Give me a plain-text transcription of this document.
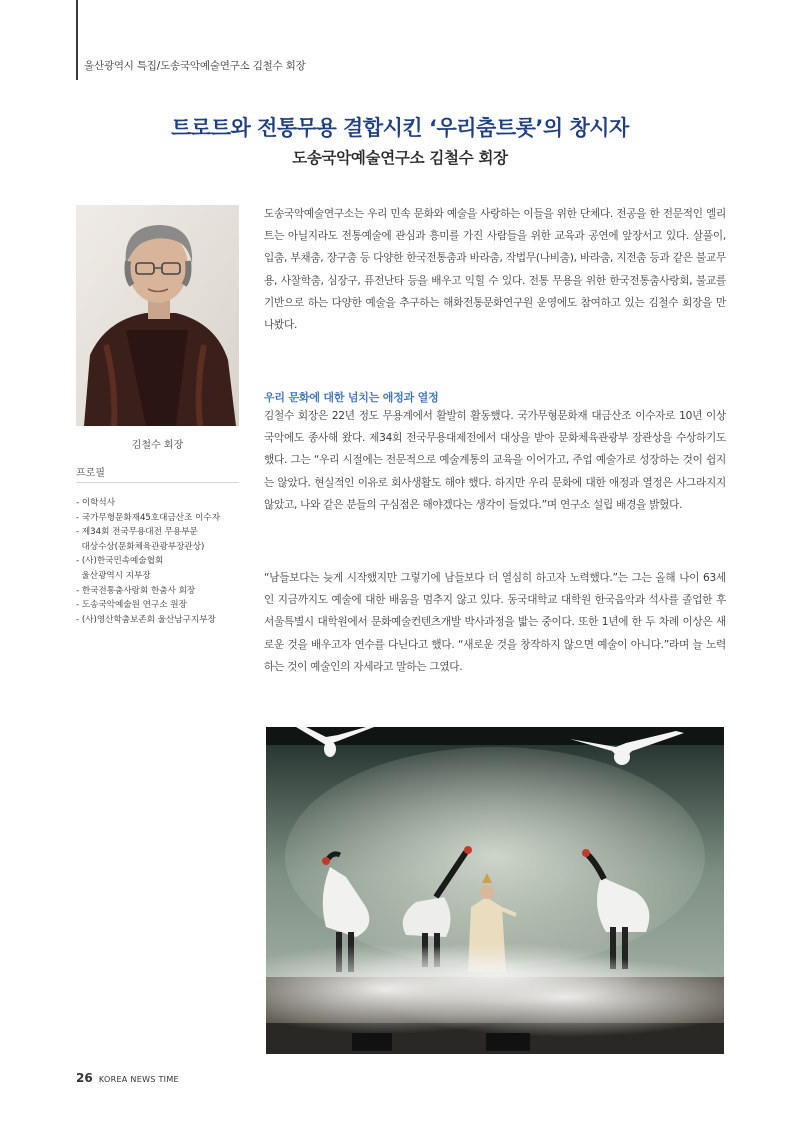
울산광역시 특집/도송국악예술연구소 김철수 회장
트로트와 전통무용 결합시킨 ‘우리춤트롯’의 창시자
도송국악예술연구소 김철수 회장
김철수 회장
프로필
- 이학석사
- 국가무형문화재45호대금산조 이수자
- 제34회 전국무용대전 무용부문
대상수상(문화체육관광부장관상)
- (사)한국민속예술협회
울산광역시 지부장
- 한국전통춤사랑회 한춤사 회장
- 도송국악예술원 연구소 원장
- (사)영산학춤보존회 울산남구지부장

도송국악예술연구소는 우리 민속 문화와 예술을 사랑하는 이들을 위한 단체다. 전공을 한 전문적인 엘리트는 아닐지라도 전통예술에 관심과 흥미를 가진 사람들을 위한 교육과 공연에 앞장서고 있다. 살풀이, 입춤, 부채춤, 장구춤 등 다양한 한국전통춤과 바라춤, 작법무(나비춤), 바라춤, 지전춤 등과 같은 불교무용, 사찰학춤, 심장구, 퓨전난타 등을 배우고 익힐 수 있다. 전통 무용을 위한 한국전통춤사랑회, 불교를 기반으로 하는 다양한 예술을 추구하는 해화전통문화연구원 운영에도 참여하고 있는 김철수 회장을 만나봤다.

우리 문화에 대한 넘치는 애정과 열정

김철수 회장은 22년 정도 무용계에서 활발히 활동했다. 국가무형문화재 대금산조 이수자로 10년 이상 국악에도 종사해 왔다. 제34회 전국무용대제전에서 대상을 받아 문화체육관광부 장관상을 수상하기도 했다. 그는 “우리 시절에는 전문적으로 예술계통의 교육을 이어가고, 주업 예술가로 성장하는 것이 쉽지는 않았다. 현실적인 이유로 회사생활도 해야 했다. 하지만 우리 문화에 대한 애정과 열정은 사그라지지 않았고, 나와 같은 분들의 구심점은 해야겠다는 생각이 들었다.”며 연구소 설립 배경을 밝혔다.

“남들보다는 늦게 시작했지만 그렇기에 남들보다 더 열심히 하고자 노력했다.”는 그는 올해 나이 63세인 지금까지도 예술에 대한 배움을 멈추지 않고 있다. 동국대학교 대학원 한국음악과 석사를 졸업한 후 서울특별시 대학원에서 문화예술컨텐츠개발 박사과정을 밟는 중이다. 또한 1년에 한 두 차례 이상은 새로운 것을 배우고자 연수를 다닌다고 했다. “새로운 것을 창작하지 않으면 예술이 아니다.”라며 늘 노력하는 것이 예술인의 자세라고 말하는 그였다.

26 KOREA NEWS TIME
